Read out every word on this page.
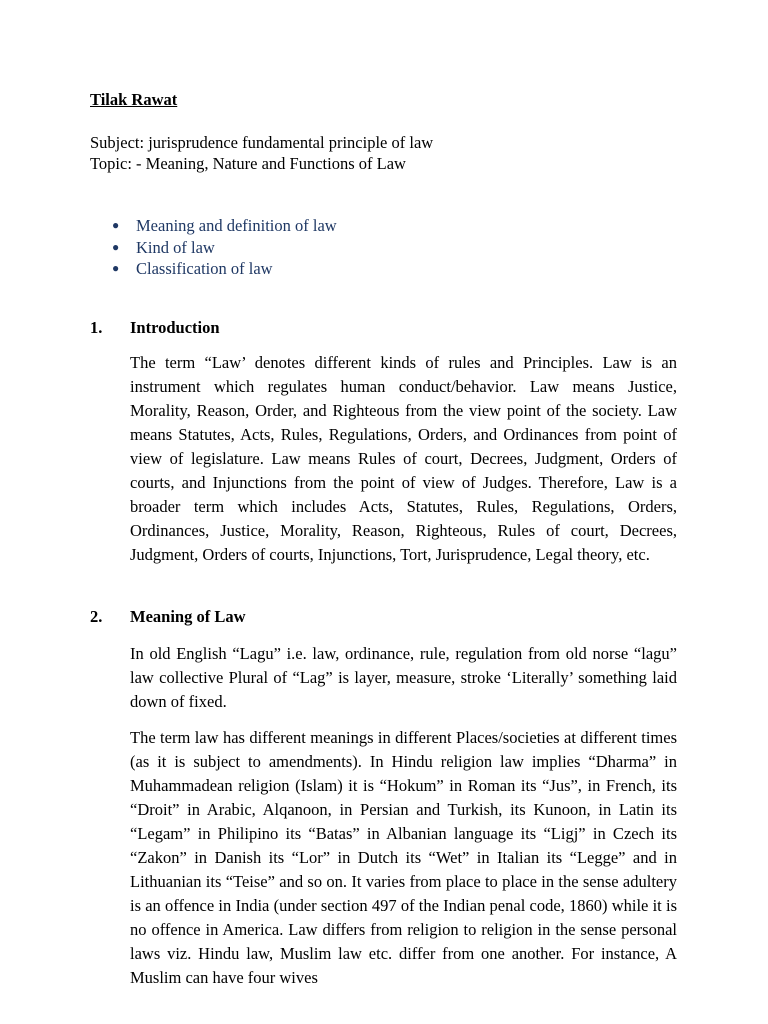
Tilak Rawat
Subject: jurisprudence fundamental principle of law
Topic: - Meaning, Nature and Functions of Law
● Meaning and definition of law
● Kind of law
● Classification of law
1. Introduction
The term “Law’ denotes different kinds of rules and Principles. Law is an instrument which regulates human conduct/behavior. Law means Justice, Morality, Reason, Order, and Righteous from the view point of the society. Law means Statutes, Acts, Rules, Regulations, Orders, and Ordinances from point of view of legislature. Law means Rules of court, Decrees, Judgment, Orders of courts, and Injunctions from the point of view of Judges. Therefore, Law is a broader term which includes Acts, Statutes, Rules, Regulations, Orders, Ordinances, Justice, Morality, Reason, Righteous, Rules of court, Decrees, Judgment, Orders of courts, Injunctions, Tort, Jurisprudence, Legal theory, etc.
2. Meaning of Law
In old English “Lagu” i.e. law, ordinance, rule, regulation from old norse “lagu” law collective Plural of “Lag” is layer, measure, stroke ‘Literally’ something laid down of fixed.
The term law has different meanings in different Places/societies at different times (as it is subject to amendments). In Hindu religion law implies “Dharma” in Muhammadean religion (Islam) it is “Hokum” in Roman its “Jus”, in French, its “Droit” in Arabic, Alqanoon, in Persian and Turkish, its Kunoon, in Latin its “Legam” in Philipino its “Batas” in Albanian language its “Ligj” in Czech its “Zakon” in Danish its “Lor” in Dutch its “Wet” in Italian its “Legge” and in Lithuanian its “Teise” and so on. It varies from place to place in the sense adultery is an offence in India (under section 497 of the Indian penal code, 1860) while it is no offence in America. Law differs from religion to religion in the sense personal laws viz. Hindu law, Muslim law etc. differ from one another. For instance, A Muslim can have four wives
